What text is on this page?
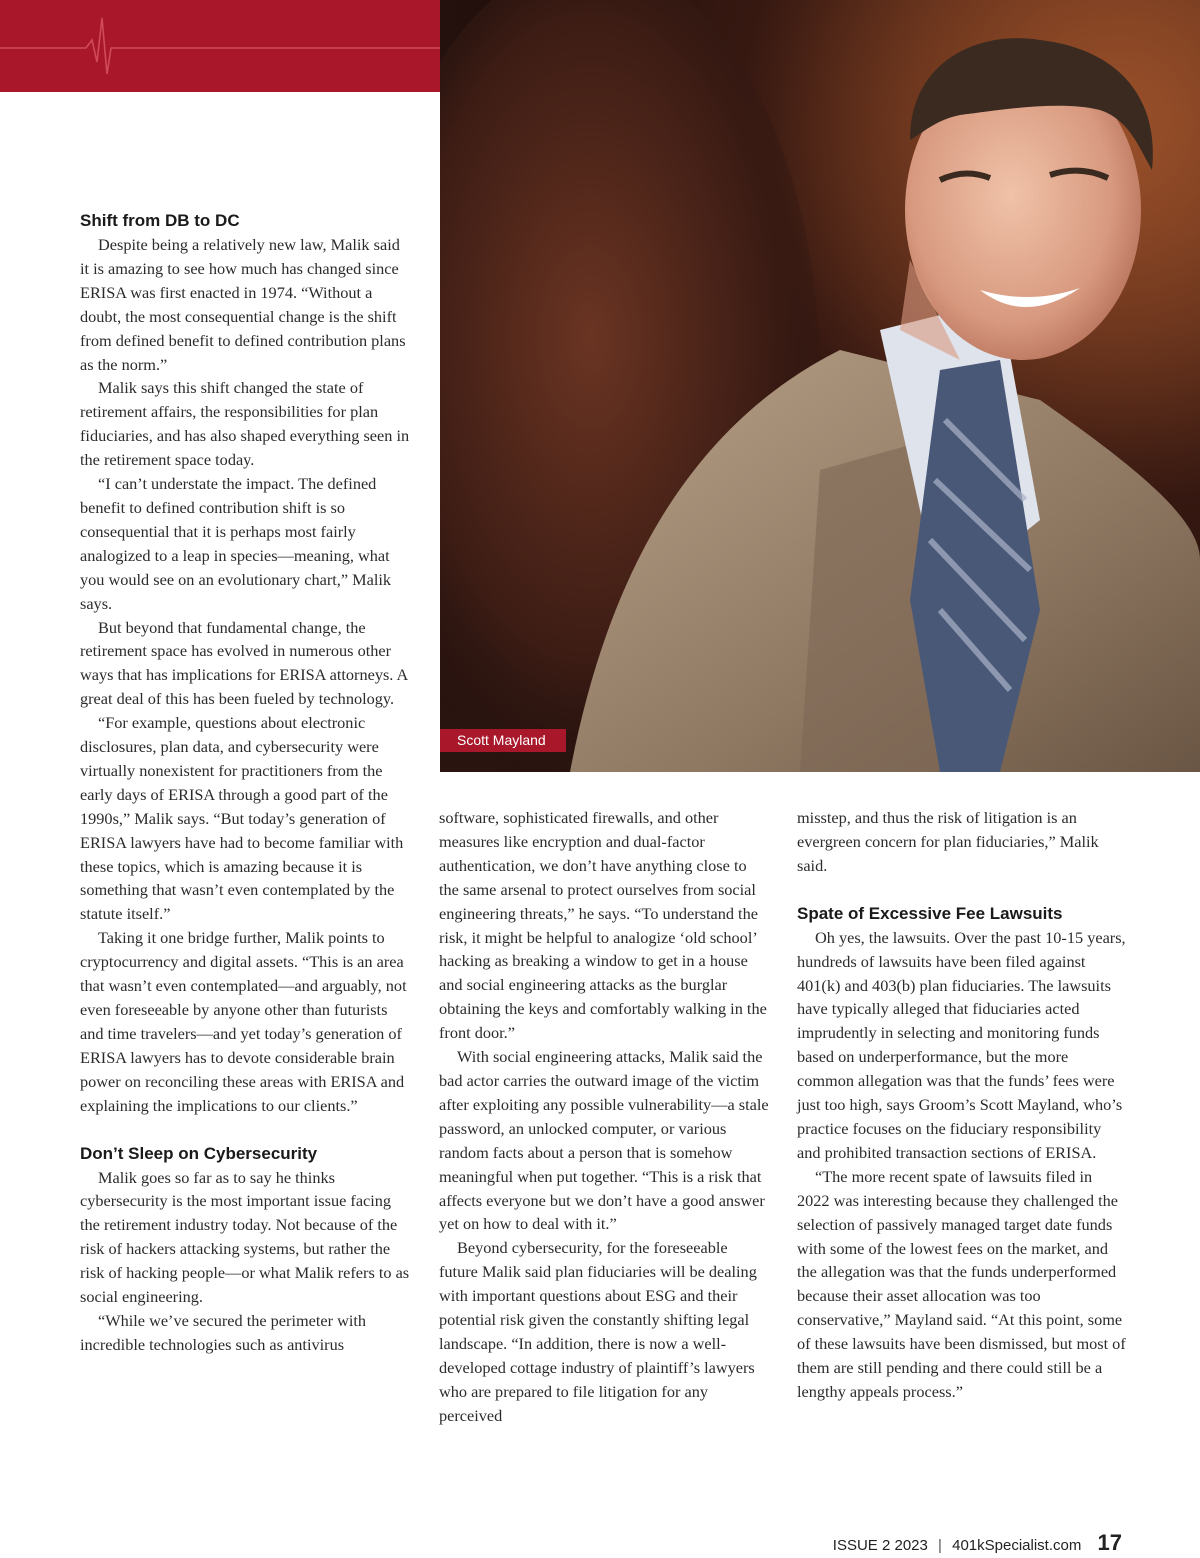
Scott Mayland
Shift from DB to DC

Despite being a relatively new law, Malik said it is amazing to see how much has changed since ERISA was first enacted in 1974. “Without a doubt, the most consequential change is the shift from defined benefit to defined contribution plans as the norm.”

Malik says this shift changed the state of retirement affairs, the responsibilities for plan fiduciaries, and has also shaped everything seen in the retirement space today.

“I can’t understate the impact. The defined benefit to defined contribution shift is so consequential that it is perhaps most fairly analogized to a leap in species—meaning, what you would see on an evolutionary chart,” Malik says.

But beyond that fundamental change, the retirement space has evolved in numerous other ways that has implications for ERISA attorneys. A great deal of this has been fueled by technology.

“For example, questions about electronic disclosures, plan data, and cybersecurity were virtually nonexistent for practitioners from the early days of ERISA through a good part of the 1990s,” Malik says. “But today’s generation of ERISA lawyers have had to become familiar with these topics, which is amazing because it is something that wasn’t even contemplated by the statute itself.”

Taking it one bridge further, Malik points to cryptocurrency and digital assets. “This is an area that wasn’t even contemplated—and arguably, not even foreseeable by anyone other than futurists and time travelers—and yet today’s generation of ERISA lawyers has to devote considerable brain power on reconciling these areas with ERISA and explaining the implications to our clients.”

Don’t Sleep on Cybersecurity

Malik goes so far as to say he thinks cybersecurity is the most important issue facing the retirement industry today. Not because of the risk of hackers attacking systems, but rather the risk of hacking people—or what Malik refers to as social engineering.

“While we’ve secured the perimeter with incredible technologies such as antivirus

software, sophisticated firewalls, and other measures like encryption and dual-factor authentication, we don’t have anything close to the same arsenal to protect ourselves from social engineering threats,” he says. “To understand the risk, it might be helpful to analogize ‘old school’ hacking as breaking a window to get in a house and social engineering attacks as the burglar obtaining the keys and comfortably walking in the front door.”

With social engineering attacks, Malik said the bad actor carries the outward image of the victim after exploiting any possible vulnerability—a stale password, an unlocked computer, or various random facts about a person that is somehow meaningful when put together. “This is a risk that affects everyone but we don’t have a good answer yet on how to deal with it.”

Beyond cybersecurity, for the foreseeable future Malik said plan fiduciaries will be dealing with important questions about ESG and their potential risk given the constantly shifting legal landscape. “In addition, there is now a well-developed cottage industry of plaintiff’s lawyers who are prepared to file litigation for any perceived

misstep, and thus the risk of litigation is an evergreen concern for plan fiduciaries,” Malik said.

Spate of Excessive Fee Lawsuits

Oh yes, the lawsuits. Over the past 10-15 years, hundreds of lawsuits have been filed against 401(k) and 403(b) plan fiduciaries. The lawsuits have typically alleged that fiduciaries acted imprudently in selecting and monitoring funds based on underperformance, but the more common allegation was that the funds’ fees were just too high, says Groom’s Scott Mayland, who’s practice focuses on the fiduciary responsibility and prohibited transaction sections of ERISA.

“The more recent spate of lawsuits filed in 2022 was interesting because they challenged the selection of passively managed target date funds with some of the lowest fees on the market, and the allegation was that the funds underperformed because their asset allocation was too conservative,” Mayland said. “At this point, some of these lawsuits have been dismissed, but most of them are still pending and there could still be a lengthy appeals process.”

ISSUE 2 2023 | 401kSpecialist.com 17
